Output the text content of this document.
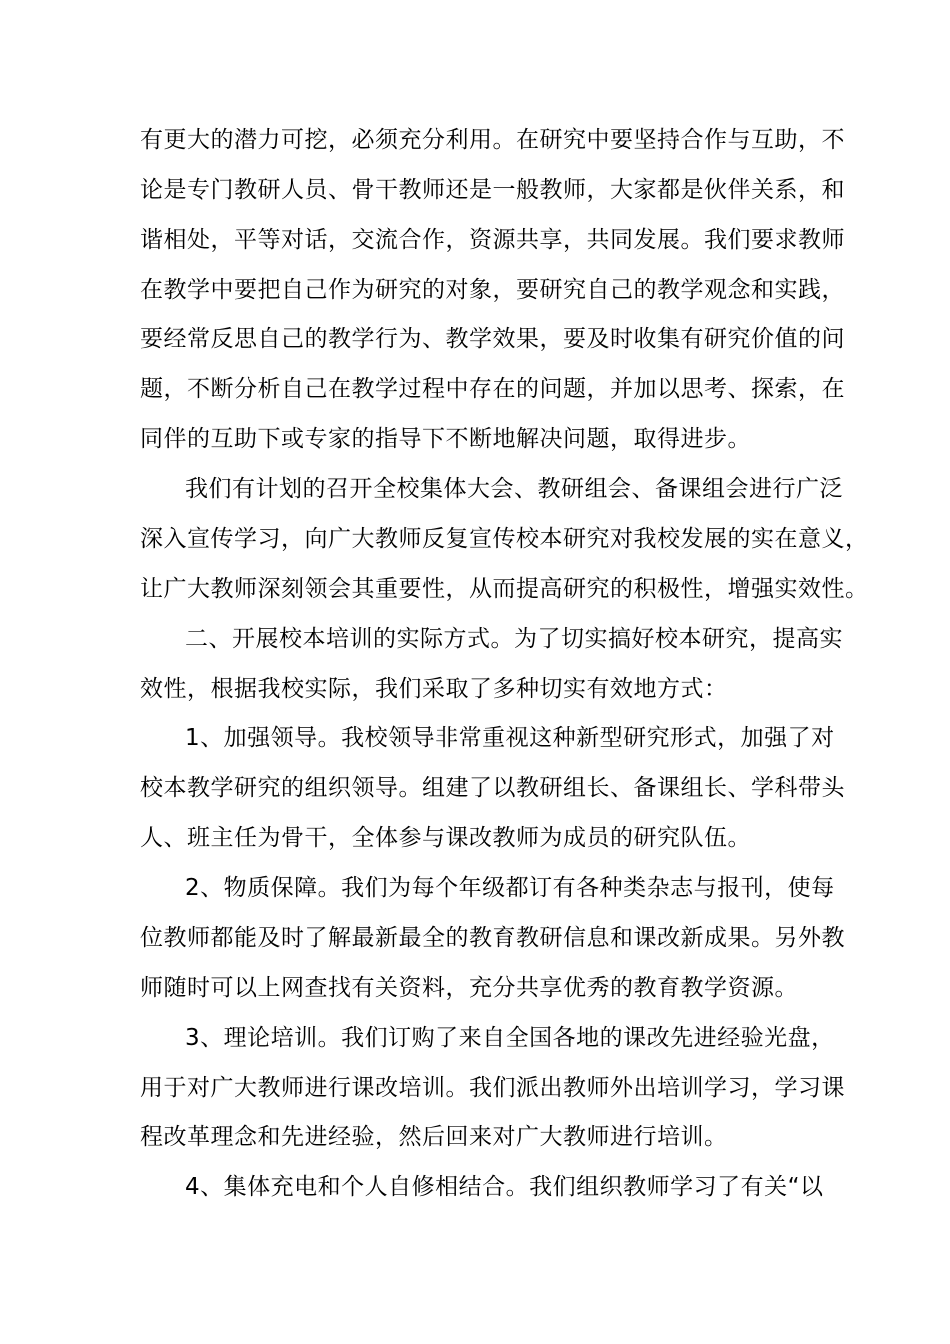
有更大的潜力可挖，必须充分利用。在研究中要坚持合作与互助，不
论是专门教研人员、骨干教师还是一般教师，大家都是伙伴关系，和
谐相处，平等对话，交流合作，资源共享，共同发展。我们要求教师
在教学中要把自己作为研究的对象，要研究自己的教学观念和实践，
要经常反思自己的教学行为、教学效果，要及时收集有研究价值的问
题，不断分析自己在教学过程中存在的问题，并加以思考、探索，在
同伴的互助下或专家的指导下不断地解决问题，取得进步。
我们有计划的召开全校集体大会、教研组会、备课组会进行广泛
深入宣传学习，向广大教师反复宣传校本研究对我校发展的实在意义，
让广大教师深刻领会其重要性，从而提高研究的积极性，增强实效性。
二、开展校本培训的实际方式。为了切实搞好校本研究，提高实
效性，根据我校实际，我们采取了多种切实有效地方式：
1、加强领导。我校领导非常重视这种新型研究形式，加强了对
校本教学研究的组织领导。组建了以教研组长、备课组长、学科带头
人、班主任为骨干，全体参与课改教师为成员的研究队伍。
2、物质保障。我们为每个年级都订有各种类杂志与报刊，使每
位教师都能及时了解最新最全的教育教研信息和课改新成果。另外教
师随时可以上网查找有关资料，充分共享优秀的教育教学资源。
3、理论培训。我们订购了来自全国各地的课改先进经验光盘，
用于对广大教师进行课改培训。我们派出教师外出培训学习，学习课
程改革理念和先进经验，然后回来对广大教师进行培训。
4、集体充电和个人自修相结合。我们组织教师学习了有关“以
